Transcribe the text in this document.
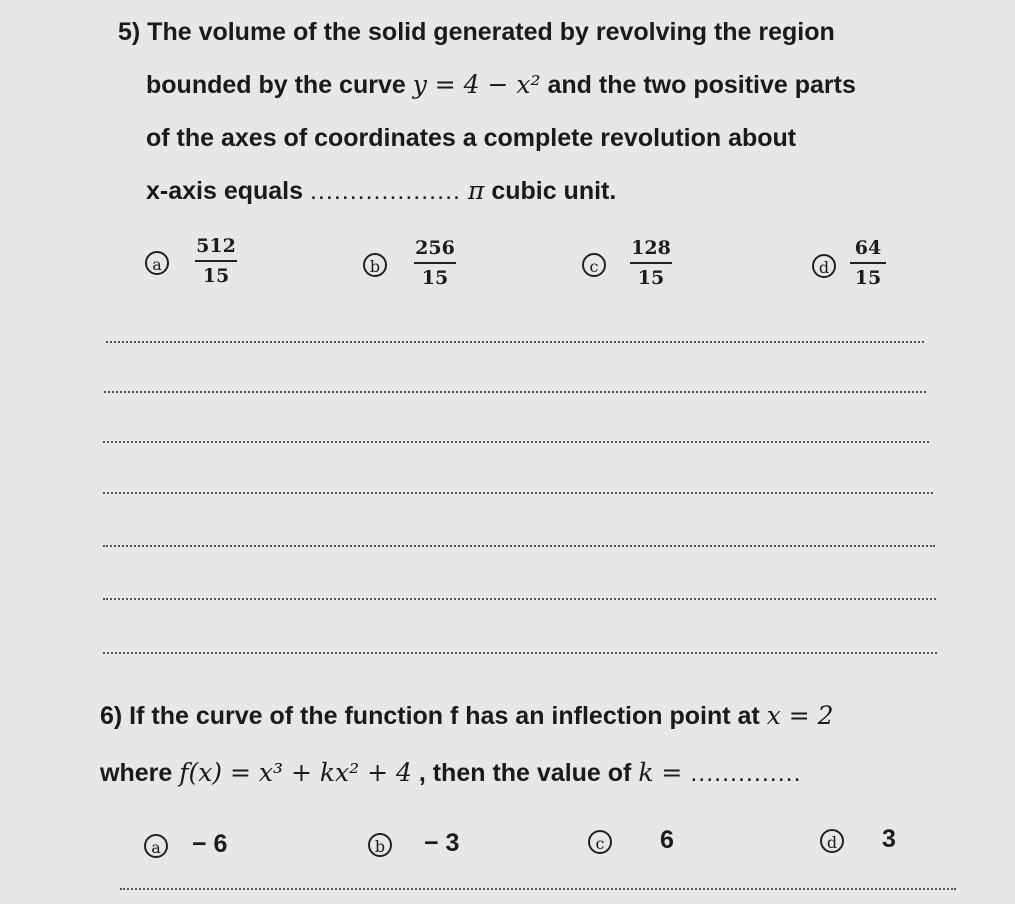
5) The volume of the solid generated by revolving the region
bounded by the curve y = 4 − x² and the two positive parts
of the axes of coordinates a complete revolution about
x-axis equals ................... π cubic unit.
a
512
15	b
256
15
c
128
15	d
64
15
6) If the curve of the function f has an inflection point at x = 2
where f(x) = x³ + kx² + 4 , then the value of k = ..............
a − 6	b − 3	c	6	d 3
